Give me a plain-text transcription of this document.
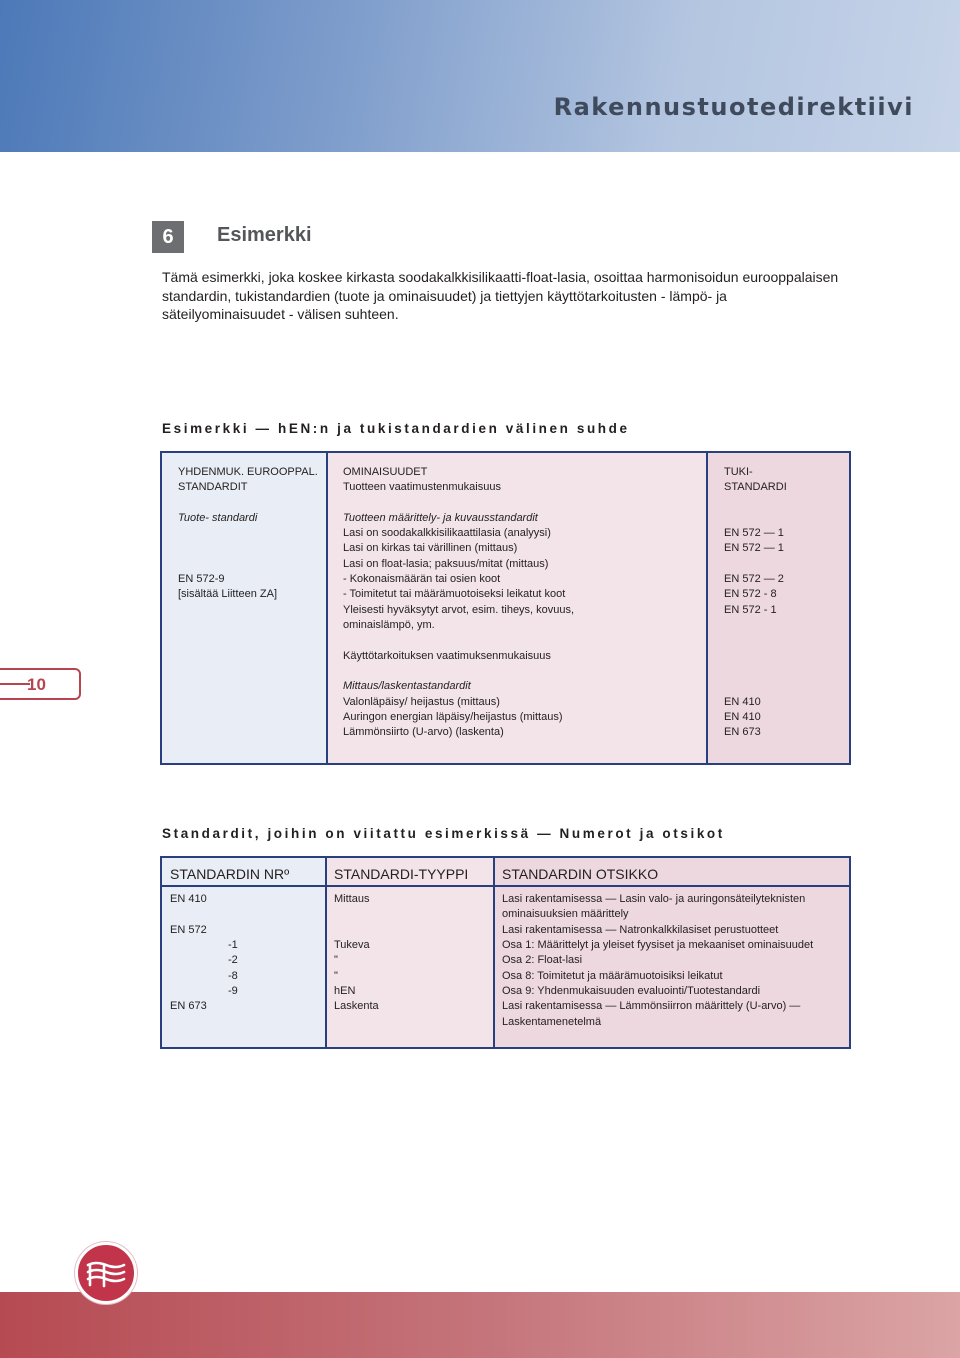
Rakennustuotedirektiivi
6	Esimerkki
Tämä esimerkki, joka koskee kirkasta soodakalkkisilikaatti-float-lasia, osoittaa harmonisoidun eurooppalaisen
standardin, tukistandardien (tuote ja ominaisuudet) ja tiettyjen käyttötarkoitusten - lämpö- ja
säteilyominaisuudet - välisen suhteen.
Esimerkki — hEN:n ja tukistandardien välinen suhde
YHDENMUK. EUROOPPAL.
STANDARDIT
Tuote- standardi
EN 572-9
[sisältää Liitteen ZA]
OMINAISUUDET
Tuotteen vaatimustenmukaisuus
Tuotteen määrittely- ja kuvausstandardit
Lasi on soodakalkkisilikaattilasia (analyysi)
Lasi on kirkas tai värillinen (mittaus)
Lasi on float-lasia; paksuus/mitat (mittaus)
- Kokonaismäärän tai osien koot
- Toimitetut tai määrämuotoiseksi leikatut koot
Yleisesti hyväksytyt arvot, esim. tiheys, kovuus,
ominaislämpö, ym.
Käyttötarkoituksen vaatimuksenmukaisuus
Mittaus/laskentastandardit
Valonläpäisy/ heijastus (mittaus)
Auringon energian läpäisy/heijastus (mittaus)
Lämmönsiirto (U-arvo) (laskenta)
TUKI-
STANDARDI
EN 572 — 1
EN 572 — 1
EN 572 — 2
EN 572 - 8
EN 572 - 1
EN 410
EN 410
EN 673
10
Standardit, joihin on viitattu esimerkissä — Numerot ja otsikot
STANDARDIN NRº
EN 410
EN 572
-1
-2
-8
-9
EN 673
STANDARDI-TYYPPI
Mittaus
Tukeva
"
"
hEN
Laskenta
STANDARDIN OTSIKKO
Lasi rakentamisessa — Lasin valo- ja auringonsäteilyteknisten
ominaisuuksien määrittely
Lasi rakentamisessa — Natronkalkkilasiset perustuotteet
Osa 1: Määrittelyt ja yleiset fyysiset ja mekaaniset ominaisuudet
Osa 2: Float-lasi
Osa 8: Toimitetut ja määrämuotoisiksi leikatut
Osa 9: Yhdenmukaisuuden evaluointi/Tuotestandardi
Lasi rakentamisessa — Lämmönsiirron määrittely (U-arvo) —
Laskentamenetelmä
